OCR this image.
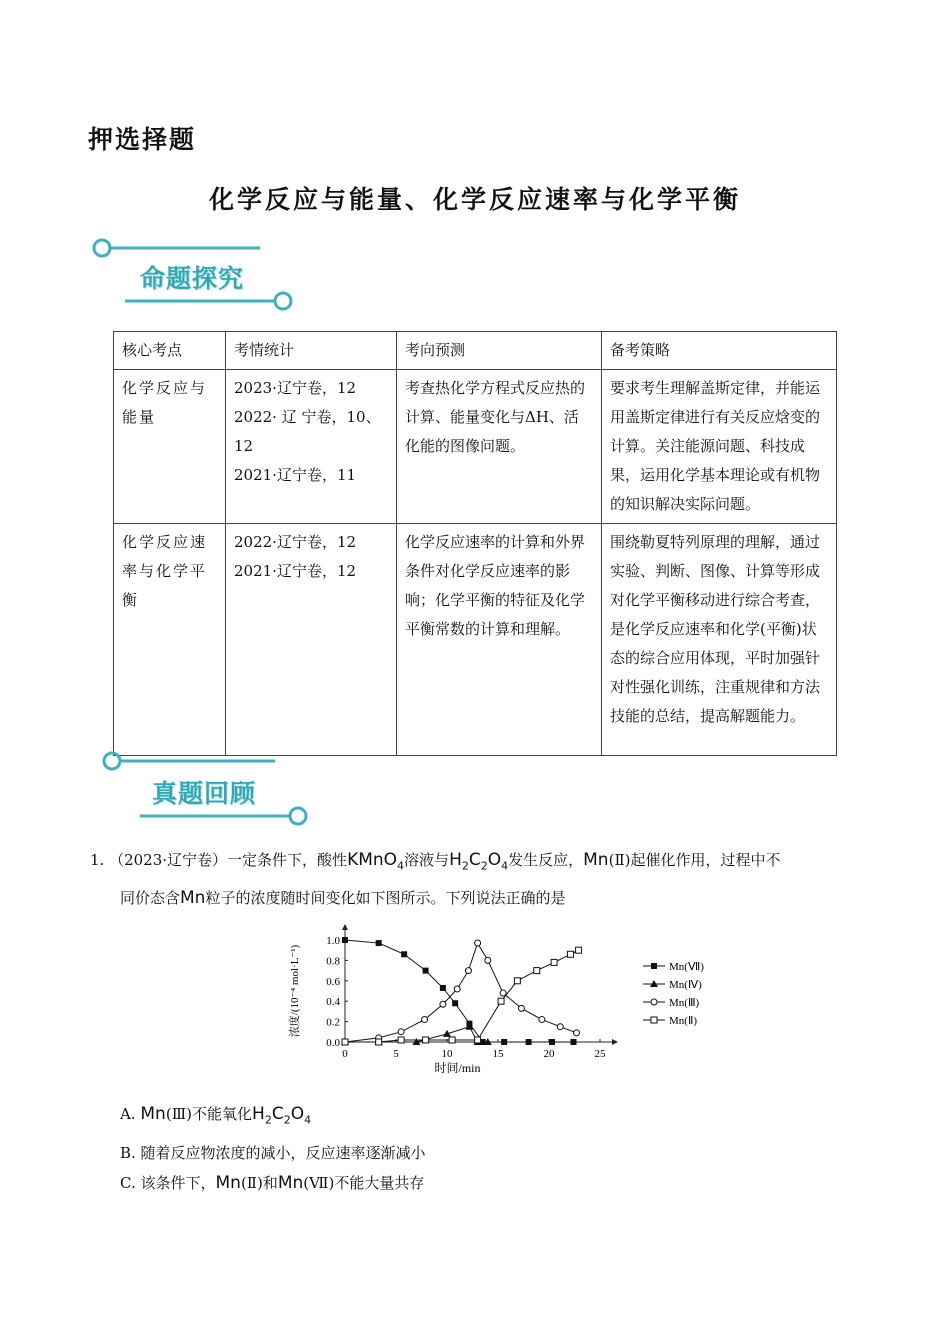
押选择题
化学反应与能量、化学反应速率与化学平衡
命题探究
核心考点	考情统计	考向预测	备考策略
化学反应与能量	2023·辽宁卷，12
2022· 辽 宁卷，10、12
2021·辽宁卷，11	考查热化学方程式反应热的计算、能量变化与ΔH、活化能的图像问题。	要求考生理解盖斯定律，并能运用盖斯定律进行有关反应焓变的计算。关注能源问题、科技成果，运用化学基本理论或有机物的知识解决实际问题。
化学反应速率与化学平衡	2022·辽宁卷，12
2021·辽宁卷，12	化学反应速率的计算和外界条件对化学反应速率的影响；化学平衡的特征及化学平衡常数的计算和理解。	围绕勒夏特列原理的理解，通过实验、判断、图像、计算等形成对化学平衡移动进行综合考查，是化学反应速率和化学(平衡)状态的综合应用体现，平时加强针对性强化训练，注重规律和方法技能的总结，提高解题能力。
真题回顾
1. （2023·辽宁卷）一定条件下，酸性KMnO$_4$溶液与$H_2C_2O_4$发生反应，Mn(Ⅱ)起催化作用，过程中不
同价态含Mn粒子的浓度随时间变化如下图所示。下列说法正确的是
0	5	10	15	20	25
0.0
0.2
0.4
0.6
0.8
1.0
时间/min
浓度/(10⁻⁴ mol·L⁻¹)	Mn(Ⅶ)
Mn(Ⅳ)
Mn(Ⅲ)
Mn(Ⅱ)
A. Mn(Ⅲ)不能氧化$H_2C_2O_4$
B. 随着反应物浓度的减小，反应速率逐渐减小
C. 该条件下，Mn(Ⅱ)和Mn(Ⅶ)不能大量共存
